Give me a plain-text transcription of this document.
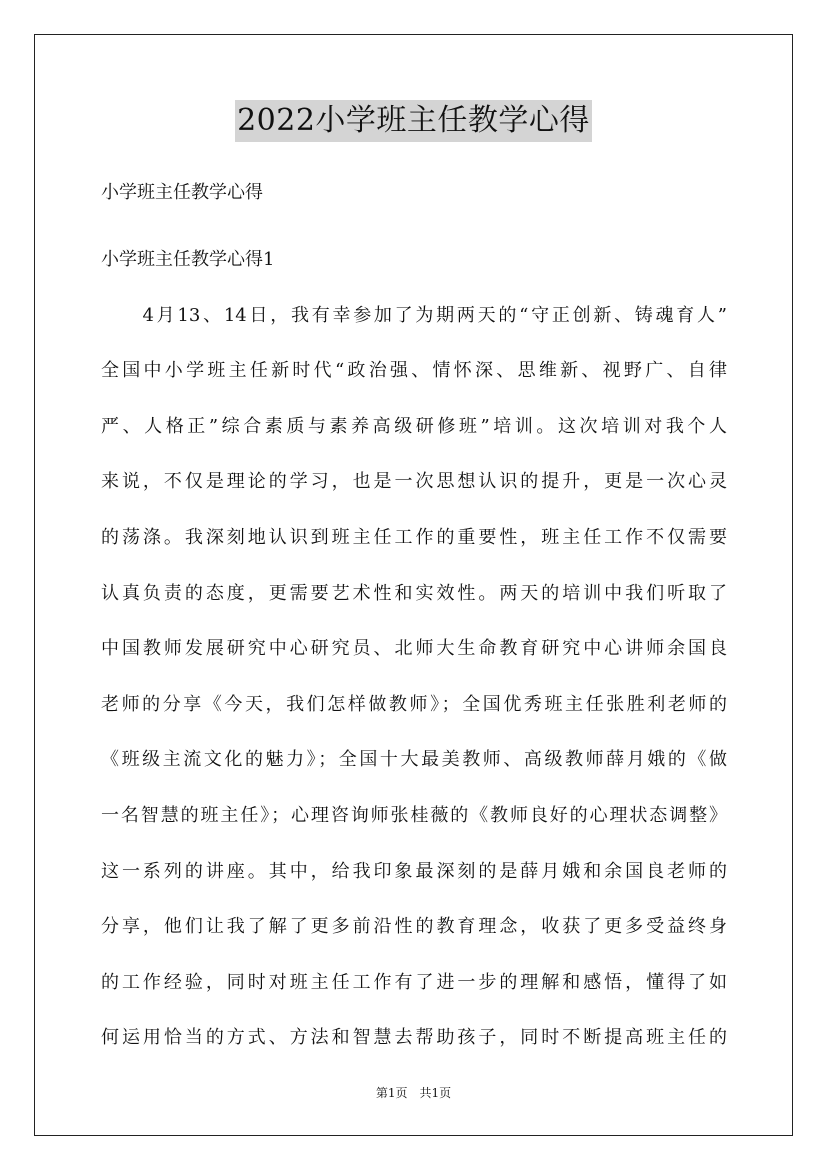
2022小学班主任教学心得
小学班主任教学心得
小学班主任教学心得1
　　4月13、14日，我有幸参加了为期两天的“守正创新、铸魂育人”
全国中小学班主任新时代“政治强、情怀深、思维新、视野广、自律
严、人格正”综合素质与素养高级研修班”培训。这次培训对我个人
来说，不仅是理论的学习，也是一次思想认识的提升，更是一次心灵
的荡涤。我深刻地认识到班主任工作的重要性，班主任工作不仅需要
认真负责的态度，更需要艺术性和实效性。两天的培训中我们听取了
中国教师发展研究中心研究员、北师大生命教育研究中心讲师余国良
老师的分享《今天，我们怎样做教师》；全国优秀班主任张胜利老师的
《班级主流文化的魅力》；全国十大最美教师、高级教师薛月娥的《做
一名智慧的班主任》；心理咨询师张桂薇的《教师良好的心理状态调整》
这一系列的讲座。其中，给我印象最深刻的是薛月娥和余国良老师的
分享，他们让我了解了更多前沿性的教育理念，收获了更多受益终身
的工作经验，同时对班主任工作有了进一步的理解和感悟，懂得了如
何运用恰当的方式、方法和智慧去帮助孩子，同时不断提高班主任的
第1页　共1页
